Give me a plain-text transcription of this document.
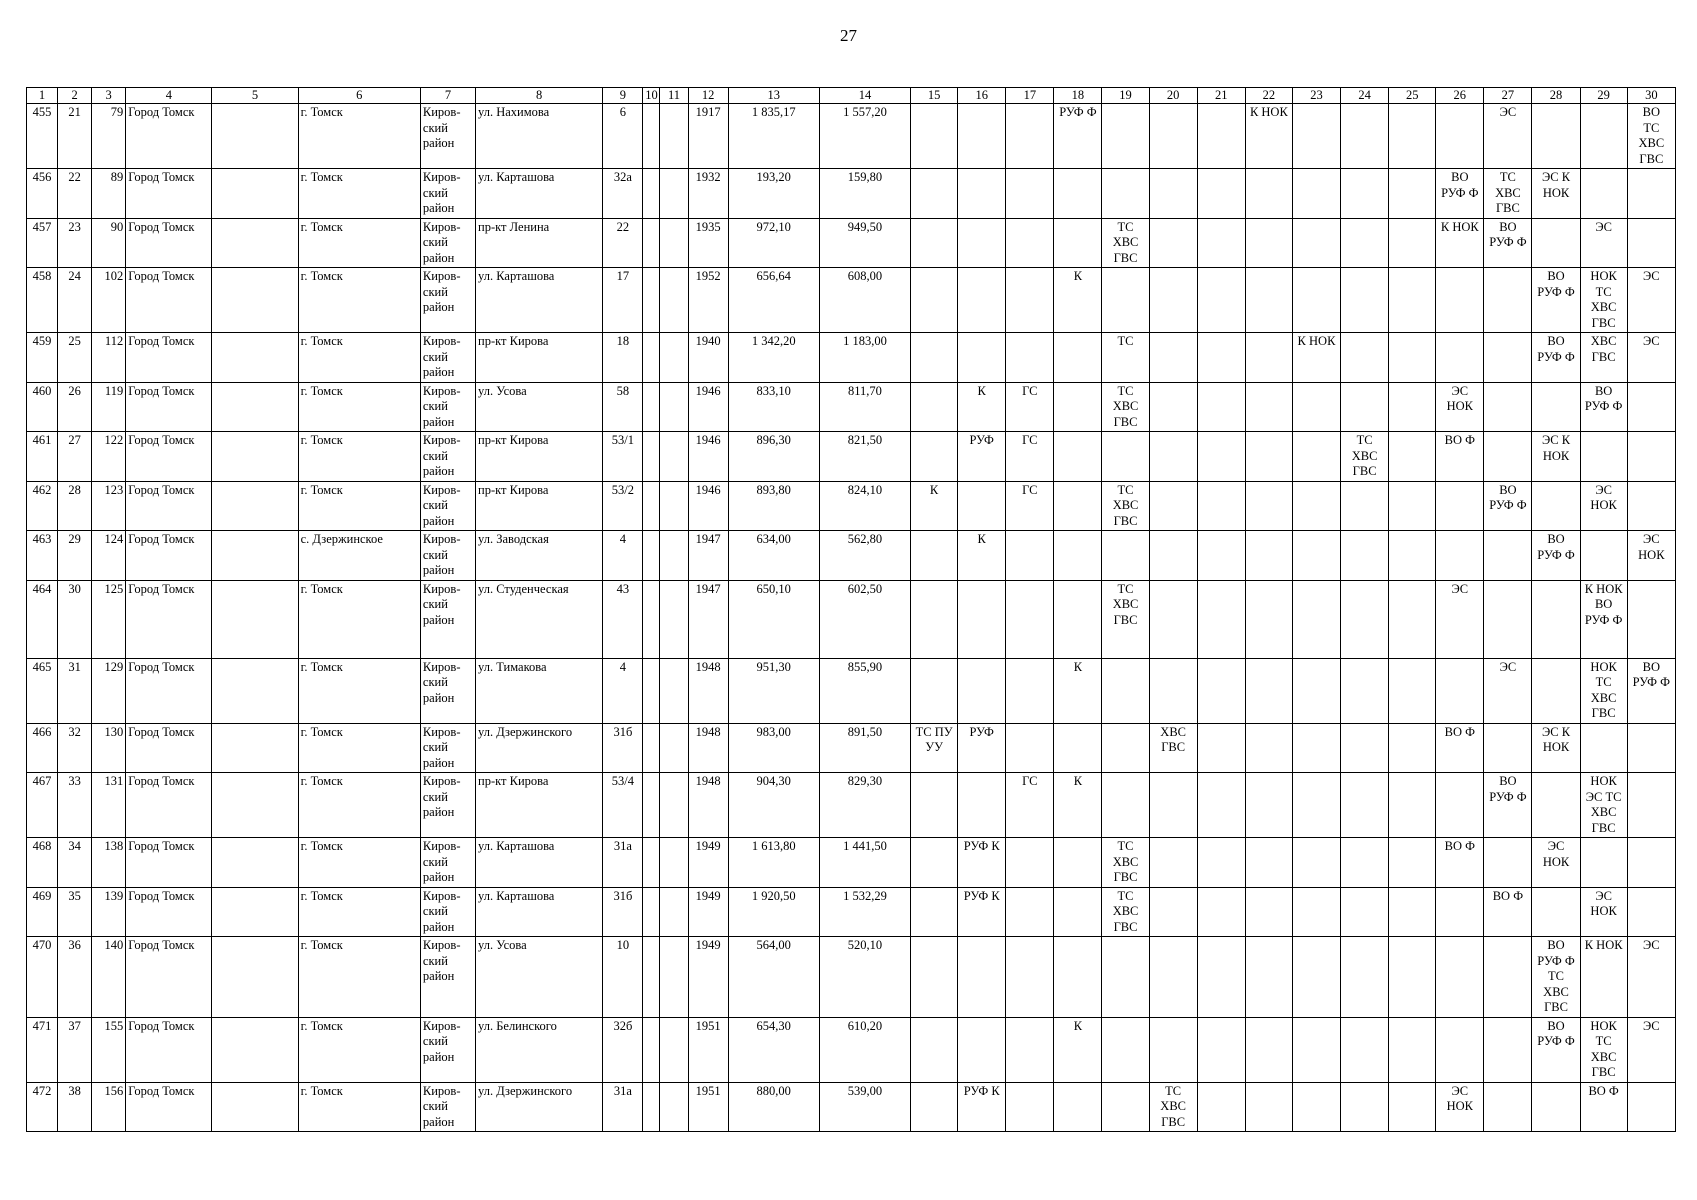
27
1	2	3	4	5	6	7	8	9	10	11	12	13	14	15	16	17	18	19	20	21	22	23	24	25	26	27	28	29	30
455	21	79	Город Томск		г. Томск	Киров-
ский
район	ул. Нахимова	6			1917	1 835,17	1 557,20				РУФ Ф				К НОК					ЭС			ВО
ТС
ХВС
ГВС
456	22	89	Город Томск		г. Томск	Киров-
ский
район	ул. Карташова	32а			1932	193,20	159,80												ВО
РУФ Ф	ТС
ХВС
ГВС	ЭС К
НОК		
457	23	90	Город Томск		г. Томск	Киров-
ский
район	пр-кт Ленина	22			1935	972,10	949,50					ТС
ХВС
ГВС							К НОК	ВО
РУФ Ф		ЭС	
458	24	102	Город Томск		г. Томск	Киров-
ский
район	ул. Карташова	17			1952	656,64	608,00				К										ВО
РУФ Ф	НОК
ТС
ХВС
ГВС	ЭС
459	25	112	Город Томск		г. Томск	Киров-
ский
район	пр-кт Кирова	18			1940	1 342,20	1 183,00					ТС				К НОК					ВО
РУФ Ф	ХВС
ГВС	ЭС
460	26	119	Город Томск		г. Томск	Киров-
ский
район	ул. Усова	58			1946	833,10	811,70		К	ГС		ТС
ХВС
ГВС							ЭС
НОК			ВО
РУФ Ф	
461	27	122	Город Томск		г. Томск	Киров-
ский
район	пр-кт Кирова	53/1			1946	896,30	821,50		РУФ	ГС							ТС
ХВС
ГВС		ВО Ф		ЭС К
НОК		
462	28	123	Город Томск		г. Томск	Киров-
ский
район	пр-кт Кирова	53/2			1946	893,80	824,10	К		ГС		ТС
ХВС
ГВС								ВО
РУФ Ф		ЭС
НОК	
463	29	124	Город Томск		с. Дзержинское	Киров-
ский
район	ул. Заводская	4			1947	634,00	562,80		К												ВО
РУФ Ф		ЭС
НОК
464	30	125	Город Томск		г. Томск	Киров-
ский
район	ул. Студенческая	43			1947	650,10	602,50					ТС
ХВС
ГВС							ЭС			К НОК
ВО
РУФ Ф	
465	31	129	Город Томск		г. Томск	Киров-
ский
район	ул. Тимакова	4			1948	951,30	855,90				К									ЭС		НОК
ТС
ХВС
ГВС	ВО
РУФ Ф
466	32	130	Город Томск		г. Томск	Киров-
ский
район	ул. Дзержинского	31б			1948	983,00	891,50	ТС ПУ
УУ	РУФ				ХВС
ГВС						ВО Ф		ЭС К
НОК		
467	33	131	Город Томск		г. Томск	Киров-
ский
район	пр-кт Кирова	53/4			1948	904,30	829,30			ГС	К									ВО
РУФ Ф		НОК
ЭС ТС
ХВС
ГВС	
468	34	138	Город Томск		г. Томск	Киров-
ский
район	ул. Карташова	31а			1949	1 613,80	1 441,50		РУФ К			ТС
ХВС
ГВС							ВО Ф		ЭС
НОК		
469	35	139	Город Томск		г. Томск	Киров-
ский
район	ул. Карташова	31б			1949	1 920,50	1 532,29		РУФ К			ТС
ХВС
ГВС								ВО Ф		ЭС
НОК	
470	36	140	Город Томск		г. Томск	Киров-
ский
район	ул. Усова	10			1949	564,00	520,10														ВО
РУФ Ф
ТС
ХВС
ГВС	К НОК	ЭС
471	37	155	Город Томск		г. Томск	Киров-
ский
район	ул. Белинского	32б			1951	654,30	610,20				К										ВО
РУФ Ф	НОК
ТС
ХВС
ГВС	ЭС
472	38	156	Город Томск		г. Томск	Киров-
ский
район	ул. Дзержинского	31а			1951	880,00	539,00		РУФ К				ТС
ХВС
ГВС						ЭС
НОК			ВО Ф	
